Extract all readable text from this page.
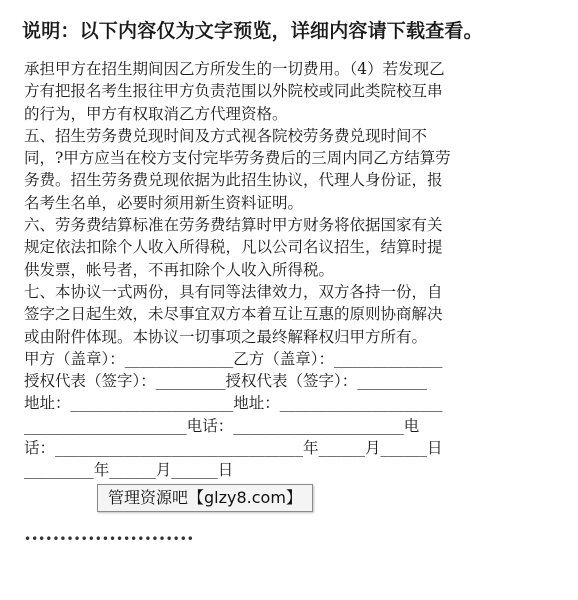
说明：以下内容仅为文字预览，详细内容请下载查看。
承担甲方在招生期间因乙方所发生的一切费用。（4）若发现乙
方有把报名考生报往甲方负责范围以外院校或同此类院校互串
的行为，甲方有权取消乙方代理资格。
五、招生劳务费兑现时间及方式视各院校劳务费兑现时间不
同，?甲方应当在校方支付完毕劳务费后的三周内同乙方结算劳
务费。招生劳务费兑现依据为此招生协议，代理人身份证，报
名考生名单，必要时须用新生资料证明。
六、劳务费结算标准在劳务费结算时甲方财务将依据国家有关
规定依法扣除个人收入所得税，凡以公司名议招生，结算时提
供发票，帐号者，不再扣除个人收入所得税。
七、本协议一式两份，具有同等法律效力，双方各持一份，自
签字之日起生效，未尽事宜双方本着互让互惠的原则协商解决
或由附件体现。本协议一切事项之最终解释权归甲方所有。
甲方（盖章）：______________乙方（盖章）：______________
授权代表（签字）：_________授权代表（签字）：_________
地址：_____________________地址：_____________________
_____________________电话：______________________电
话：________________________________年______月______日
_________年______月______日
管理资源吧【glzy8.com】
••••••••••••••••••••••••
